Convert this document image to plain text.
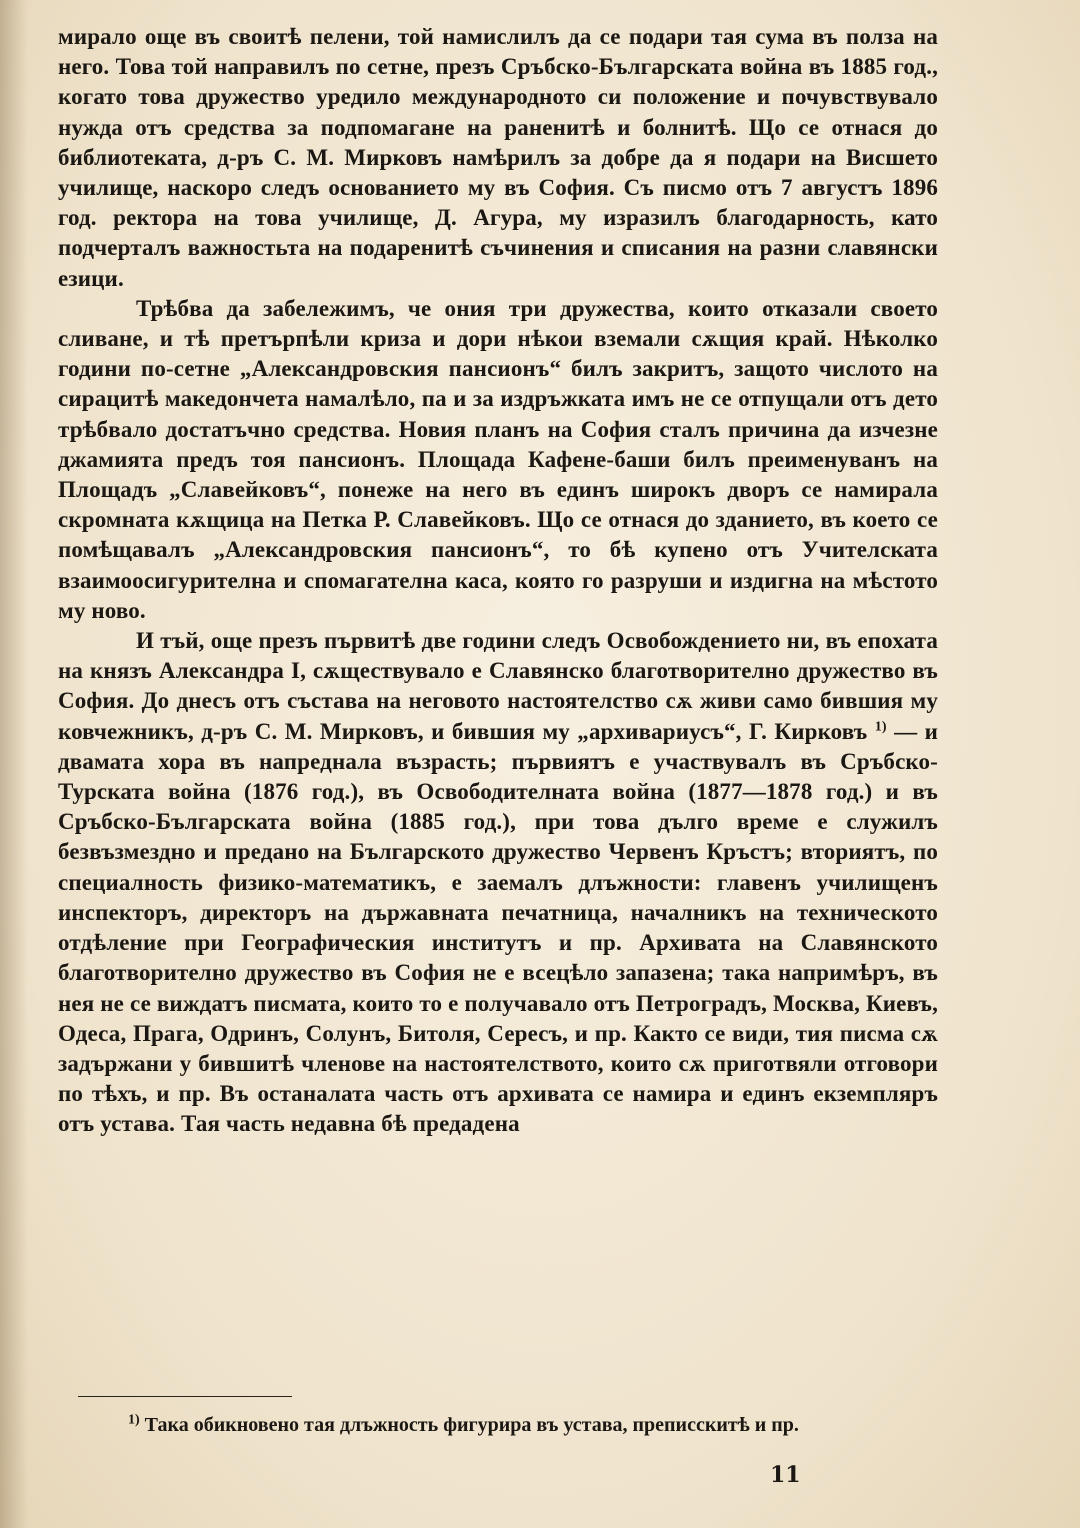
мирало още въ своитѣ пелени, той намислилъ да се подари тая сума въ полза на него. Това той направилъ по сетне, презъ Сръбско-Българската война въ 1885 год., когато това дружество уредило международното си положение и почувствувало нужда отъ средства за подпомагане на раненитѣ и болнитѣ. Що се отнася до библиотеката, д-ръ С. М. Мирковъ намѣрилъ за добре да я подари на Висшето училище, наскоро следъ основанието му въ София. Съ писмо отъ 7 августъ 1896 год. ректора на това училище, Д. Агура, му изразилъ благодарность, като подчерталъ важностьта на подаренитѣ съчинения и списания на разни славянски езици.

Трѣбва да забележимъ, че ония три дружества, които отказали своето сливане, и тѣ претърпѣли криза и дори нѣкои вземали сѫщия край. Нѣколко години по-сетне „Александровския пансионъ“ билъ закритъ, защото числото на сирацитѣ македончета намалѣло, па и за издръжката имъ не се отпущали отъ дето трѣбвало достатъчно средства. Новия планъ на София сталъ причина да изчезне джамията предъ тоя пансионъ. Площада Кафене-баши билъ преименуванъ на Площадъ „Славейковъ“, понеже на него въ единъ широкъ дворъ се намирала скромната кѫщица на Петка Р. Славейковъ. Що се отнася до зданието, въ което се помѣщавалъ „Александровския пансионъ“, то бѣ купено отъ Учителската взаимоосигурителна и спомагателна каса, която го разруши и издигна на мѣстото му ново.

И тъй, още презъ първитѣ две години следъ Освобождението ни, въ епохата на князъ Александра I, сѫществувало е Славянско благотворително дружество въ София. До днесъ отъ състава на неговото настоятелство сѫ живи само бившия му ковчежникъ, д-ръ С. М. Мирковъ, и бившия му „архивариусъ“, Г. Кирковъ $^{1)}$ — и двамата хора въ напреднала възрасть; първиятъ е участвувалъ въ Сръбско-Турската война (1876 год.), въ Освободителната война (1877—1878 год.) и въ Сръбско-Българската война (1885 год.), при това дълго време е служилъ безвъзмездно и предано на Българското дружество Червенъ Кръстъ; вториятъ, по специалность физико-математикъ, е заемалъ длъжности: главенъ училищенъ инспекторъ, директоръ на държавната печатница, началникъ на техническото отдѣление при Географическия институтъ и пр. Архивата на Славянското благотворително дружество въ София не е всецѣло запазена; така напримѣръ, въ нея не се виждатъ писмата, които то е получавало отъ Петроградъ, Москва, Киевъ, Одеса, Прага, Одринъ, Солунъ, Битоля, Сересъ, и пр. Както се види, тия писма сѫ задържани у бившитѣ членове на настоятелството, които сѫ приготвяли отговори по тѣхъ, и пр. Въ останалата часть отъ архивата се намира и единъ екземпляръ отъ устава. Тая часть недавна бѣ предадена

$^{1)}$ Така обикновено тая длъжность фигурира въ устава, преписскитѣ и пр.

11
